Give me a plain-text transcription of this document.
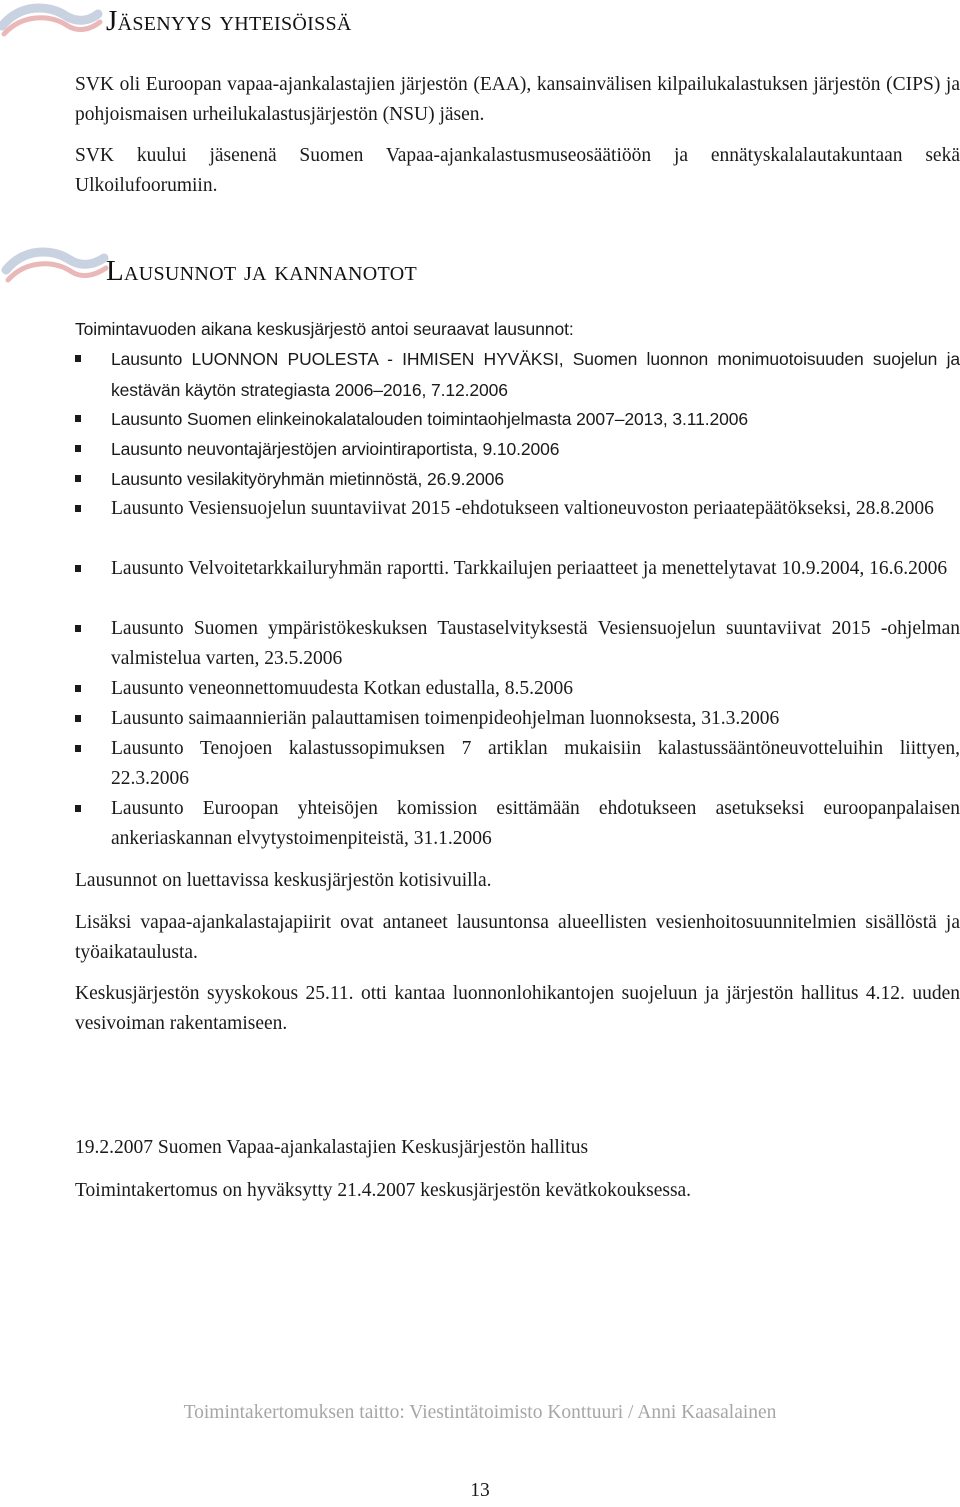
Jäsenyys yhteisöissä

SVK oli Euroopan vapaa-ajankalastajien järjestön (EAA), kansainvälisen kilpailukalastuksen järjestön (CIPS) ja pohjoismaisen urheilukalastusjärjestön (NSU) jäsen.

SVK kuului jäsenenä Suomen Vapaa-ajankalastusmuseosäätiöön ja ennätyskalalautakuntaan sekä Ulkoilufoorumiin.

Lausunnot ja kannanotot

Toimintavuoden aikana keskusjärjestö antoi seuraavat lausunnot:

Lausunto LUONNON PUOLESTA - IHMISEN HYVÄKSI, Suomen luonnon monimuotoisuuden suojelun ja kestävän käytön strategiasta 2006–2016, 7.12.2006
Lausunto Suomen elinkeinokalatalouden toimintaohjelmasta 2007–2013, 3.11.2006
Lausunto neuvontajärjestöjen arviointiraportista, 9.10.2006
Lausunto vesilakityöryhmän mietinnöstä, 26.9.2006
Lausunto Vesiensuojelun suuntaviivat 2015 -ehdotukseen valtioneuvoston periaatepäätökseksi, 28.8.2006
Lausunto Velvoitetarkkailuryhmän raportti. Tarkkailujen periaatteet ja menettelytavat 10.9.2004, 16.6.2006
Lausunto Suomen ympäristökeskuksen Taustaselvityksestä Vesiensuojelun suuntaviivat 2015 -ohjelman valmistelua varten, 23.5.2006
Lausunto veneonnettomuudesta Kotkan edustalla, 8.5.2006
Lausunto saimaannieriän palauttamisen toimenpideohjelman luonnoksesta, 31.3.2006
Lausunto Tenojoen kalastussopimuksen 7 artiklan mukaisiin kalastussääntöneuvotteluihin liittyen, 22.3.2006
Lausunto Euroopan yhteisöjen komission esittämään ehdotukseen asetukseksi euroopanpalaisen ankeriaskannan elvytystoimenpiteistä, 31.1.2006

Lausunnot on luettavissa keskusjärjestön kotisivuilla.

Lisäksi vapaa-ajankalastajapiirit ovat antaneet lausuntonsa alueellisten vesienhoitosuunnitelmien sisällöstä ja työaikataulusta.

Keskusjärjestön syyskokous 25.11. otti kantaa luonnonlohikantojen suojeluun ja järjestön hallitus 4.12. uuden vesivoiman rakentamiseen.

19.2.2007 Suomen Vapaa-ajankalastajien Keskusjärjestön hallitus

Toimintakertomus on hyväksytty 21.4.2007 keskusjärjestön kevätkokouksessa.

Toimintakertomuksen taitto: Viestintätoimisto Konttuuri / Anni Kaasalainen
13
